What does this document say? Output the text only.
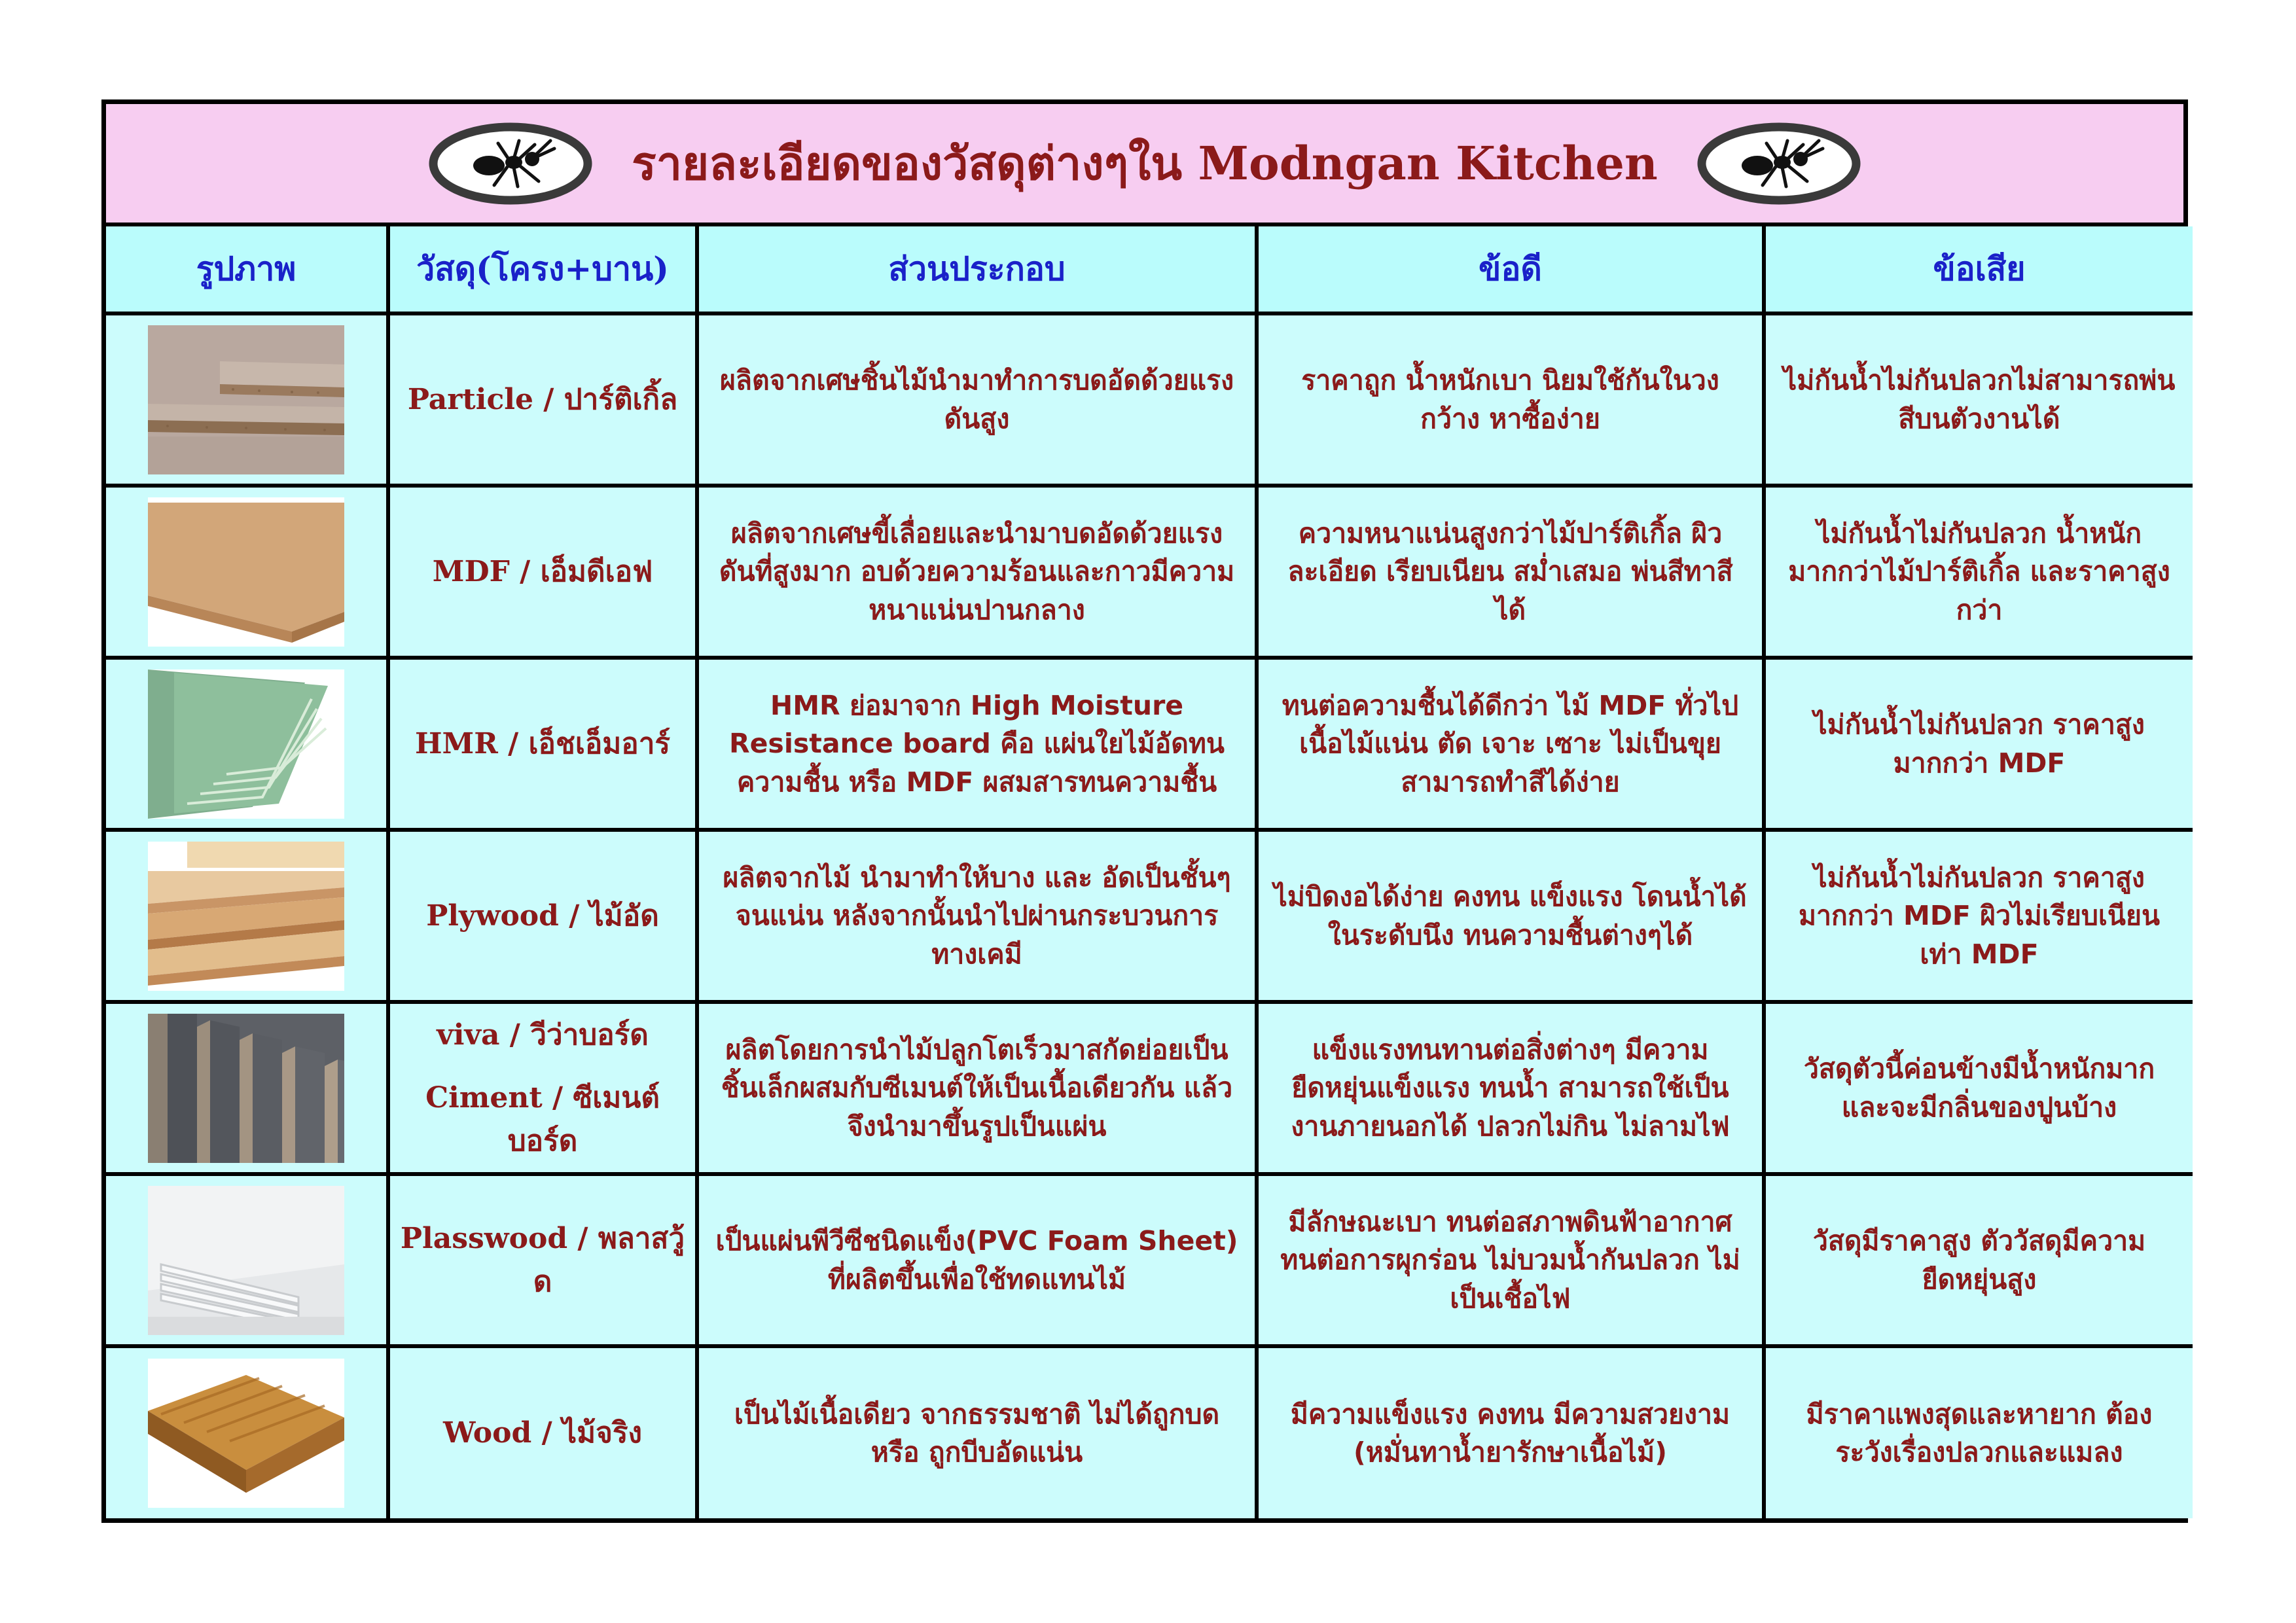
รายละเอียดของวัสดุต่างๆใน Modngan Kitchen
รูปภาพ	วัสดุ(โครง+บาน)	ส่วนประกอบ	ข้อดี	ข้อเสีย

Particle / ปาร์ติเกิ้ล	ผลิตจากเศษชิ้นไม้นำมาทำการบดอัดด้วยแรงดันสูง	ราคาถูก น้ำหนักเบา นิยมใช้กันในวงกว้าง หาซื้อง่าย	ไม่กันน้ำไม่กันปลวกไม่สามารถพ่นสีบนตัวงานได้

MDF / เอ็มดีเอฟ	ผลิตจากเศษขี้เลื่อยและนำมาบดอัดด้วยแรงดันที่สูงมาก อบด้วยความร้อนและกาวมีความหนาแน่นปานกลาง	ความหนาแน่นสูงกว่าไม้ปาร์ติเกิ้ล ผิวละเอียด เรียบเนียน สม่ำเสมอ พ่นสีทาสีได้	ไม่กันน้ำไม่กันปลวก น้ำหนักมากกว่าไม้ปาร์ติเกิ้ล และราคาสูงกว่า

HMR / เอ็ชเอ็มอาร์	HMR ย่อมาจาก High Moisture Resistance board คือ แผ่นใยไม้อัดทนความชื้น หรือ MDF ผสมสารทนความชื้น	ทนต่อความชื้นได้ดีกว่า ไม้ MDF ทั่วไป เนื้อไม้แน่น ตัด เจาะ เซาะ ไม่เป็นขุย สามารถทำสีได้ง่าย	ไม่กันน้ำไม่กันปลวก ราคาสูงมากกว่า MDF

Plywood / ไม้อัด	ผลิตจากไม้ นำมาทำให้บาง และ อัดเป็นชั้นๆ จนแน่น หลังจากนั้นนำไปผ่านกระบวนการทางเคมี	ไม่บิดงอได้ง่าย คงทน แข็งแรง โดนน้ำได้ในระดับนึง ทนความชื้นต่างๆได้	ไม่กันน้ำไม่กันปลวก ราคาสูงมากกว่า MDF ผิวไม่เรียบเนียนเท่า MDF

viva / วีว่าบอร์ด
Ciment / ซีเมนต์บอร์ด	ผลิตโดยการนำไม้ปลูกโตเร็วมาสกัดย่อยเป็นชิ้นเล็กผสมกับซีเมนต์ให้เป็นเนื้อเดียวกัน แล้วจึงนำมาขึ้นรูปเป็นแผ่น	แข็งแรงทนทานต่อสิ่งต่างๆ มีความยืดหยุ่นแข็งแรง ทนน้ำ สามารถใช้เป็นงานภายนอกได้ ปลวกไม่กิน ไม่ลามไฟ	วัสดุตัวนี้ค่อนข้างมีน้ำหนักมากและจะมีกลิ่นของปูนบ้าง

Plasswood / พลาสวู้ด	เป็นแผ่นพีวีซีชนิดแข็ง(PVC Foam Sheet) ที่ผลิตขึ้นเพื่อใช้ทดแทนไม้	มีลักษณะเบา ทนต่อสภาพดินฟ้าอากาศ ทนต่อการผุกร่อน ไม่บวมน้ำกันปลวก ไม่เป็นเชื้อไฟ	วัสดุมีราคาสูง ตัววัสดุมีความยืดหยุ่นสูง

Wood / ไม้จริง	เป็นไม้เนื้อเดียว จากธรรมชาติ ไม่ได้ถูกบด หรือ ถูกบีบอัดแน่น	มีความแข็งแรง คงทน มีความสวยงาม (หมั่นทาน้ำยารักษาเนื้อไม้)	มีราคาแพงสุดและหายาก ต้องระวังเรื่องปลวกและแมลง
